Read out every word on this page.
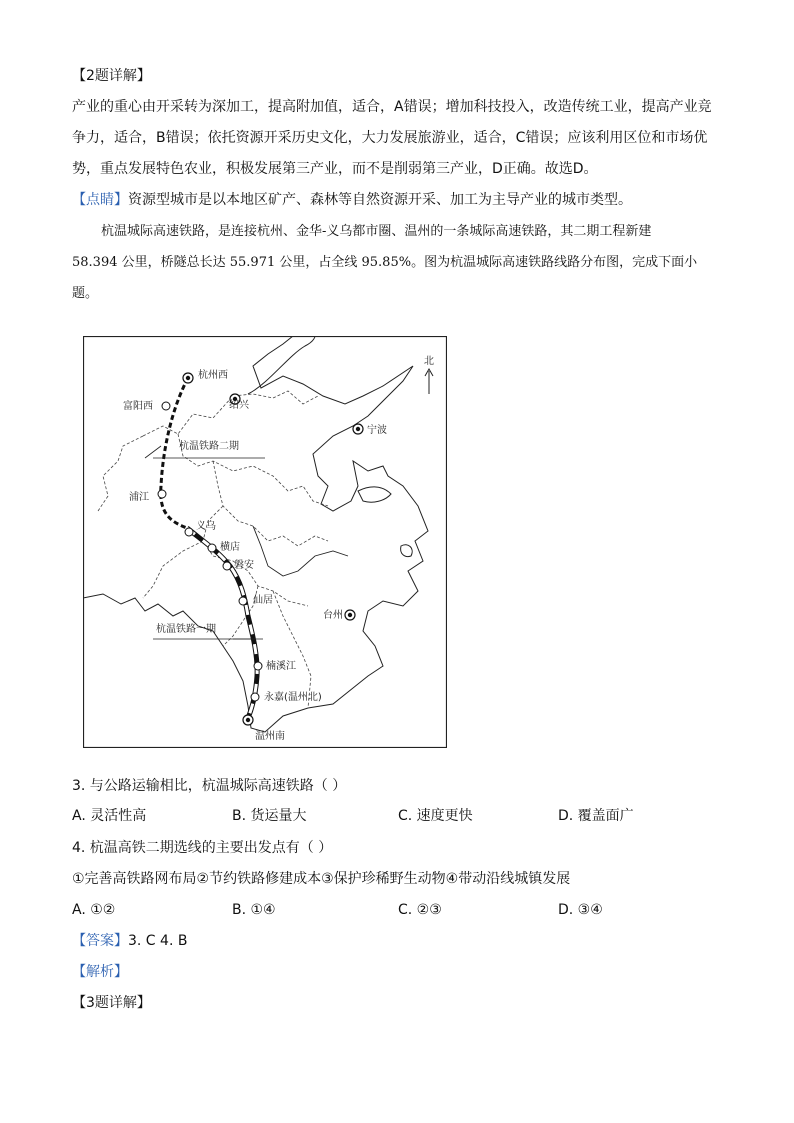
【2题详解】
产业的重心由开采转为深加工，提高附加值，适合，A错误；增加科技投入，改造传统工业，提高产业竞
争力，适合，B错误；依托资源开采历史文化，大力发展旅游业，适合，C错误；应该利用区位和市场优
势，重点发展特色农业，积极发展第三产业，而不是削弱第三产业，D正确。故选D。
【点睛】资源型城市是以本地区矿产、森林等自然资源开采、加工为主导产业的城市类型。
杭温城际高速铁路，是连接杭州、金华-义乌都市圈、温州的一条城际高速铁路，其二期工程新建
58.394 公里，桥隧总长达 55.971 公里，占全线 95.85%。图为杭温城际高速铁路线路分布图，完成下面小
题。
北
杭州西
富阳西	绍兴
宁波
浦江
义乌
横店
磐安
仙居
台州
楠溪江
永嘉(温州北)
温州南
杭温铁路二期
杭温铁路一期
3. 与公路运输相比，杭温城际高速铁路（ ）
A. 灵活性高	B. 货运量大	C. 速度更快	D. 覆盖面广
4. 杭温高铁二期选线的主要出发点有（ ）
①完善高铁路网布局②节约铁路修建成本③保护珍稀野生动物④带动沿线城镇发展
A. ①②	B. ①④	C. ②③	D. ③④
【答案】3. C 4. B
【解析】
【3题详解】
